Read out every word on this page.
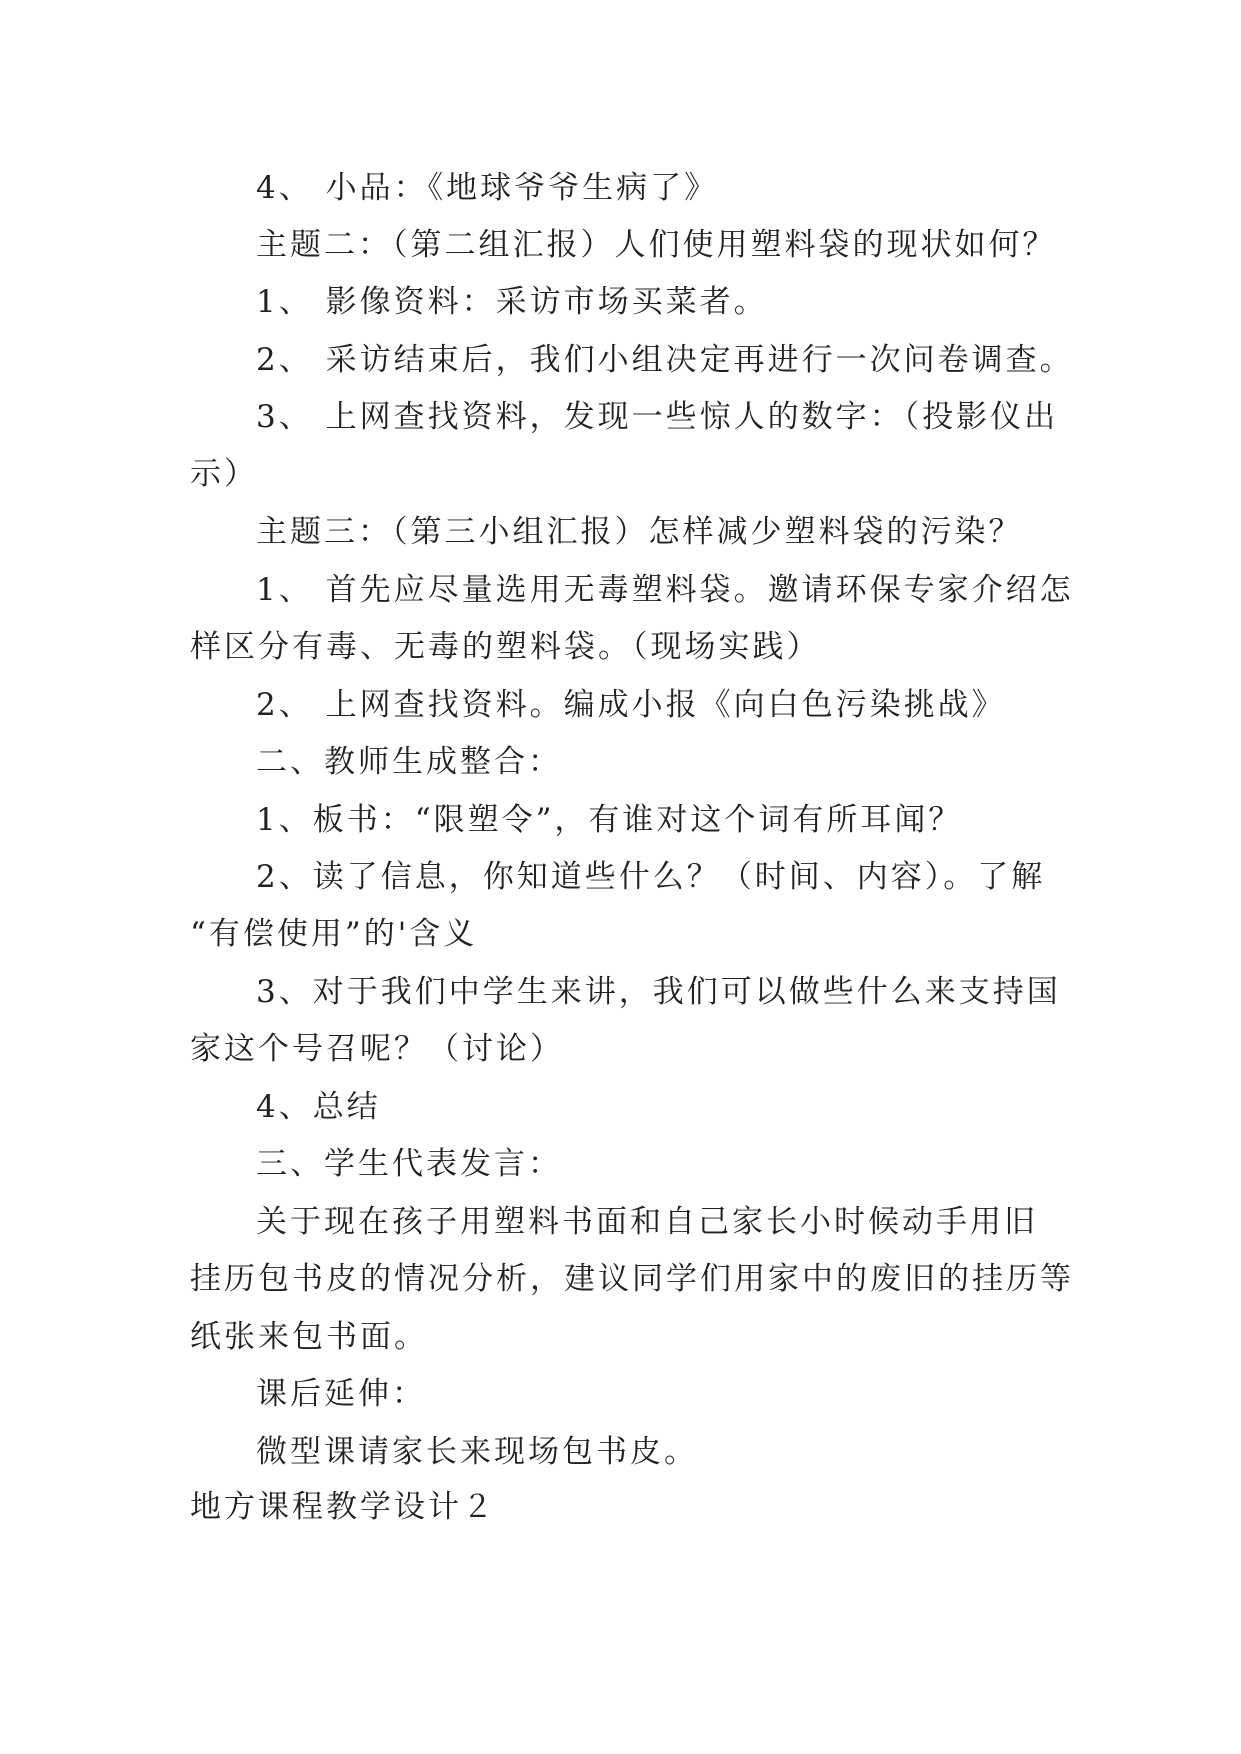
4、 小品：《地球爷爷生病了》
主题二：（第二组汇报）人们使用塑料袋的现状如何？
1、 影像资料：采访市场买菜者。
2、 采访结束后，我们小组决定再进行一次问卷调查。
3、 上网查找资料，发现一些惊人的数字：（投影仪出
示）
主题三：（第三小组汇报）怎样减少塑料袋的污染？
1、 首先应尽量选用无毒塑料袋。邀请环保专家介绍怎
样区分有毒、无毒的塑料袋。（现场实践）
2、 上网查找资料。编成小报《向白色污染挑战》
二、教师生成整合：
1、板书：“限塑令”，有谁对这个词有所耳闻？
2、读了信息，你知道些什么？（时间、内容）。了解
“有偿使用”的'含义
3、对于我们中学生来讲，我们可以做些什么来支持国
家这个号召呢？（讨论）
4、总结
三、学生代表发言：
关于现在孩子用塑料书面和自己家长小时候动手用旧
挂历包书皮的情况分析，建议同学们用家中的废旧的挂历等
纸张来包书面。
课后延伸：
微型课请家长来现场包书皮。
地方课程教学设计２
